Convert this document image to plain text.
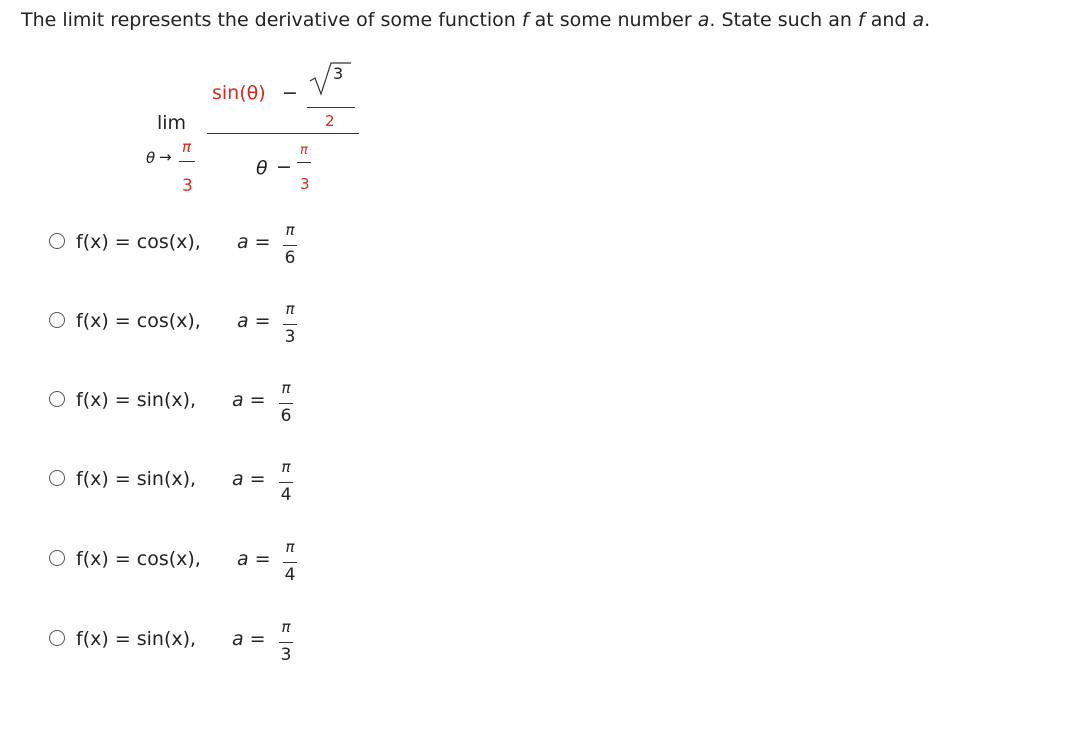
The limit represents the derivative of some function f at some number a. State such an f and a.
lim
θ →
π
3
sin(θ) −
3
2
θ −
π
3
f(x) = cos(x), a =
π
6
f(x) = cos(x), a =
π
3
f(x) = sin(x), a =
π
6
f(x) = sin(x), a =
π
4
f(x) = cos(x), a =
π
4
f(x) = sin(x), a =
π
3
